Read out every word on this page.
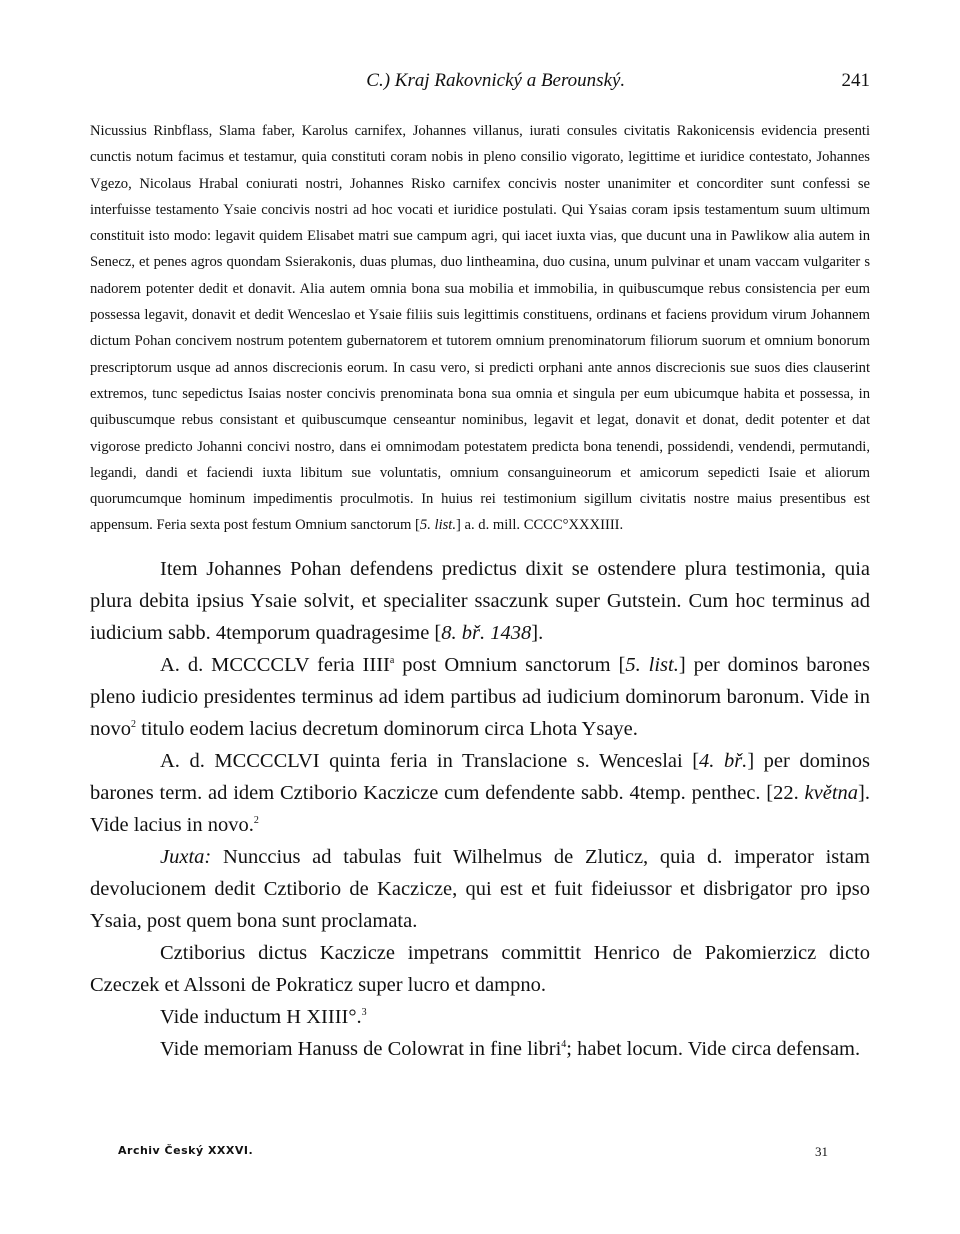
C.) Kraj Rakovnický a Berounský.	241

Nicussius Rinbflass, Slama faber, Karolus carnifex, Johannes villanus, iurati consules civitatis Rakonicensis evidencia presenti cunctis notum facimus et testamur, quia constituti coram nobis in pleno consilio vigorato, legittime et iuridice contestato, Johannes Vgezo, Nicolaus Hrabal coniurati nostri, Johannes Risko carnifex concivis noster unanimiter et concorditer sunt confessi se interfuisse testamento Ysaie concivis nostri ad hoc vocati et iuridice postulati. Qui Ysaias coram ipsis testamentum suum ultimum constituit isto modo: legavit quidem Elisabet matri sue campum agri, qui iacet iuxta vias, que ducunt una in Pawlikow alia autem in Senecz, et penes agros quondam Ssierakonis, duas plumas, duo lintheamina, duo cusina, unum pulvinar et unam vaccam vulgariter s nadorem potenter dedit et donavit. Alia autem omnia bona sua mobilia et immobilia, in quibuscumque rebus consistencia per eum possessa legavit, donavit et dedit Wenceslao et Ysaie filiis suis legittimis constituens, ordinans et faciens providum virum Johannem dictum Pohan concivem nostrum potentem gubernatorem et tutorem omnium prenominatorum filiorum suorum et omnium bonorum prescriptorum usque ad annos discrecionis eorum. In casu vero, si predicti orphani ante annos discrecionis sue suos dies clauserint extremos, tunc sepedictus Isaias noster concivis prenominata bona sua omnia et singula per eum ubicumque habita et possessa, in quibuscumque rebus consistant et quibuscumque censeantur nominibus, legavit et legat, donavit et donat, dedit potenter et dat vigorose predicto Johanni concivi nostro, dans ei omnimodam potestatem predicta bona tenendi, possidendi, vendendi, permutandi, legandi, dandi et faciendi iuxta libitum sue voluntatis, omnium consanguineorum et amicorum sepedicti Isaie et aliorum quorumcumque hominum impedimentis proculmotis. In huius rei testimonium sigillum civitatis nostre maius presentibus est appensum. Feria sexta post festum Omnium sanctorum [5. list.] a. d. mill. CCCC°XXXIIII.

Item Johannes Pohan defendens predictus dixit se ostendere plura testimonia, quia plura debita ipsius Ysaie solvit, et specialiter ssaczunk super Gutstein. Cum hoc terminus ad iudicium sabb. 4temporum quadragesime [8. bř. 1438].

A. d. MCCCCLV feria IIII$^a$ post Omnium sanctorum [5. list.] per dominos barones pleno iudicio presidentes terminus ad idem partibus ad iudicium dominorum baronum. Vide in novo$^2$ titulo eodem lacius decretum dominorum circa Lhota Ysaye.

A. d. MCCCCLVI quinta feria in Translacione s. Wenceslai [4. bř.] per dominos barones term. ad idem Cztiborio Kaczicze cum defendente sabb. 4temp. penthec. [22. května]. Vide lacius in novo.$^2$

Juxta: Nunccius ad tabulas fuit Wilhelmus de Zluticz, quia d. imperator istam devolucionem dedit Cztiborio de Kaczicze, qui est et fuit fideiussor et disbrigator pro ipso Ysaia, post quem bona sunt proclamata.

Cztiborius dictus Kaczicze impetrans committit Henrico de Pakomierzicz dicto Czeczek et Alssoni de Pokraticz super lucro et dampno.

Vide inductum H XIIII°.$^3$

Vide memoriam Hanuss de Colowrat in fine libri$^4$; habet locum. Vide circa defensam.

Archiv Český XXXVI.	31
